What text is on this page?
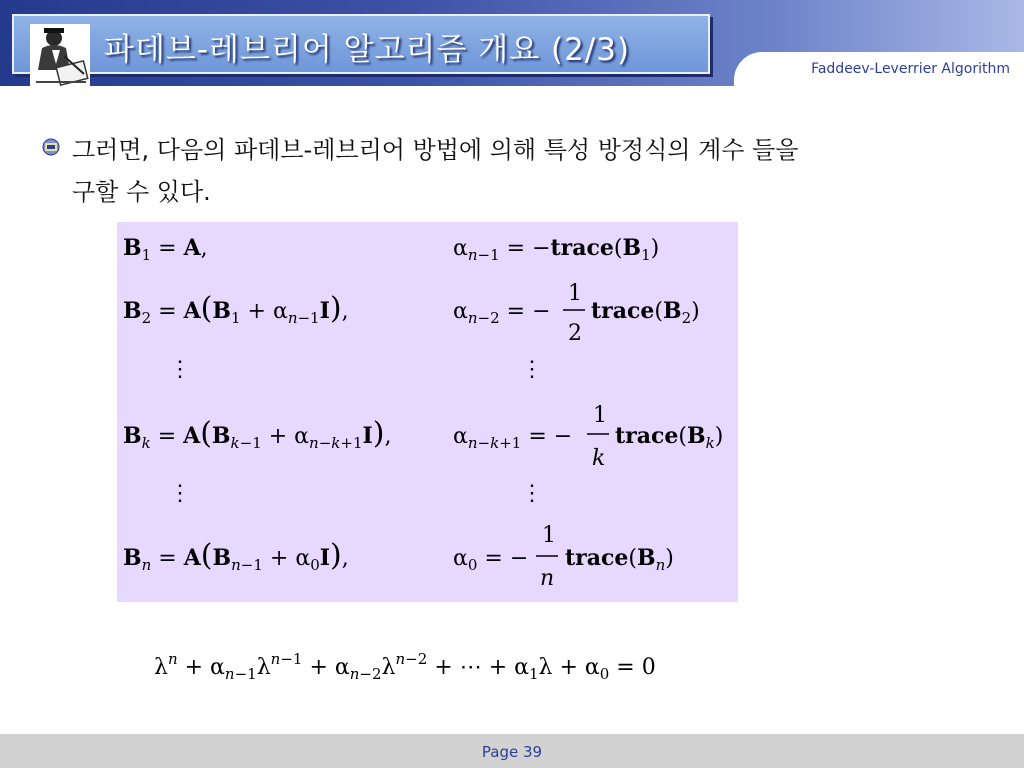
파데브-레브리어 알고리즘 개요 (2/3)
Faddeev-Leverrier Algorithm
그러면, 다음의 파데브-레브리어 방법에 의해 특성 방정식의 계수 들을
구할 수 있다.
$B_1 = A$,	$\alpha_n-1$ = $-trace(B_1)$
$B_2 = A(B_1 + \alpha_n-1I)$,	$\alpha_n-2$ = −
1
2
$trace(B_2)$
⋮	⋮
$B_k = A(B_k-1 + \alpha_n-k+1I)$,	$\alpha_n-k+1$ = −
1
k
$trace(B_k)$
⋮	⋮
$B_n = A(B_n-1 + \alpha_0I)$,	$\alpha_0$ = −
1
n
$trace(B_n)$
$\lambda^n + \alpha_n-1\lambda^n-1 + \alpha_n-2\lambda^n-2$ + ⋯ + $\alpha_1\lambda + \alpha_0 = 0$
Page 39
